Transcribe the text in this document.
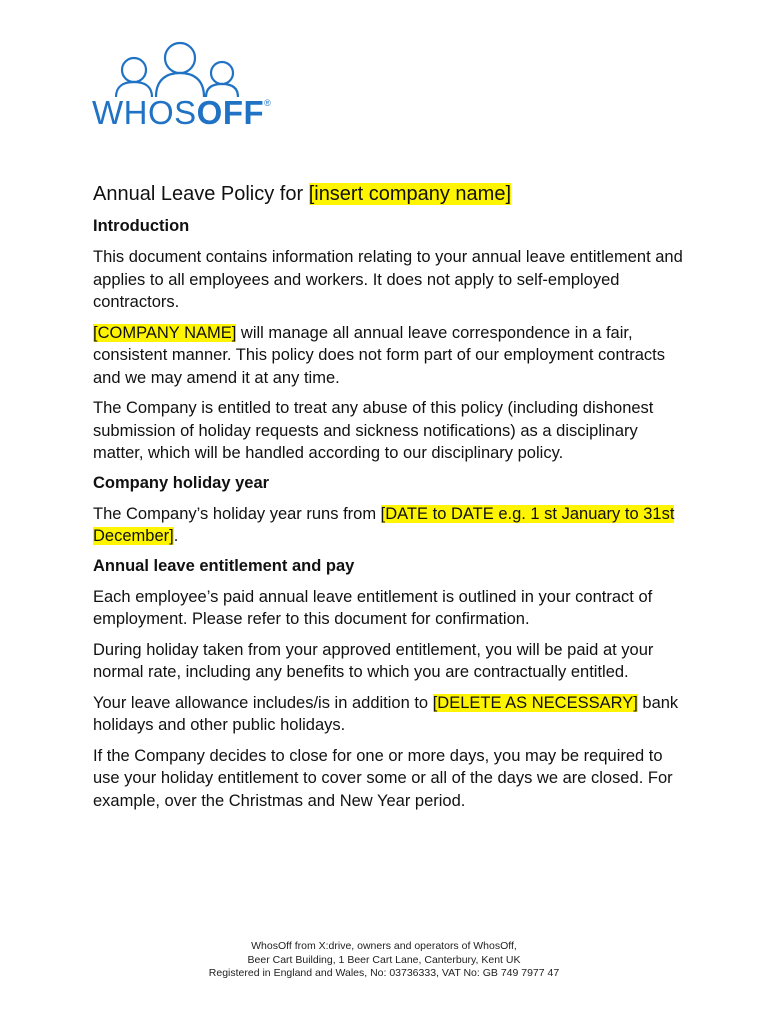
WHOSOFF®
Annual Leave Policy for [insert company name]
Introduction

This document contains information relating to your annual leave entitlement and applies to all employees and workers. It does not apply to self-employed contractors.

[COMPANY NAME] will manage all annual leave correspondence in a fair, consistent manner. This policy does not form part of our employment contracts and we may amend it at any time.

The Company is entitled to treat any abuse of this policy (including dishonest submission of holiday requests and sickness notifications) as a disciplinary matter, which will be handled according to our disciplinary policy.

Company holiday year

The Company’s holiday year runs from [DATE to DATE e.g. 1 st January to 31st December].

Annual leave entitlement and pay

Each employee’s paid annual leave entitlement is outlined in your contract of employment. Please refer to this document for confirmation.

During holiday taken from your approved entitlement, you will be paid at your normal rate, including any benefits to which you are contractually entitled.

Your leave allowance includes/is in addition to [DELETE AS NECESSARY] bank holidays and other public holidays.

If the Company decides to close for one or more days, you may be required to use your holiday entitlement to cover some or all of the days we are closed. For example, over the Christmas and New Year period.

WhosOff from X:drive, owners and operators of WhosOff,
Beer Cart Building, 1 Beer Cart Lane, Canterbury, Kent UK
Registered in England and Wales, No: 03736333, VAT No: GB 749 7977 47
